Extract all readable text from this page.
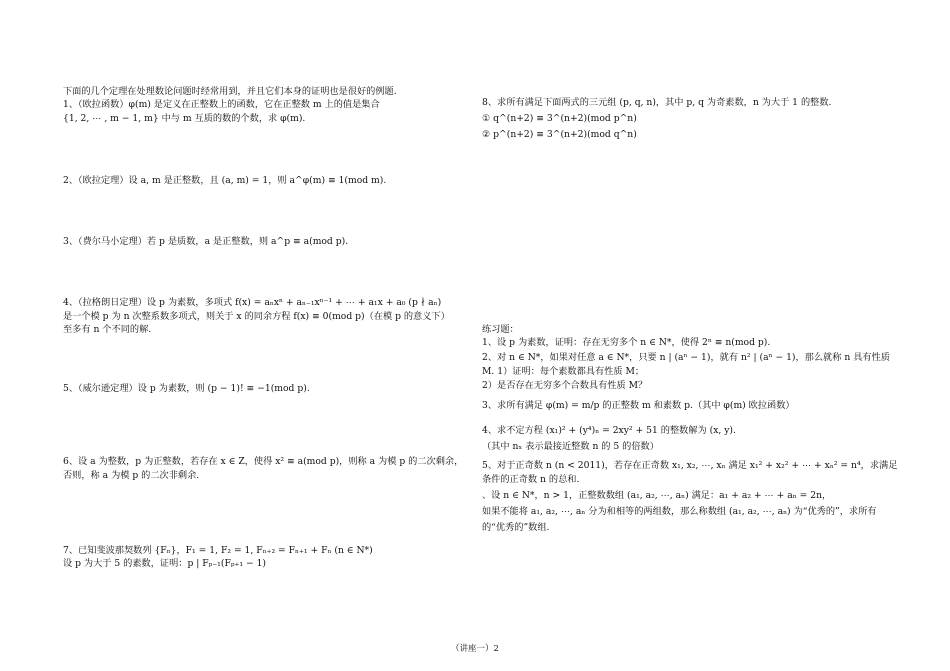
下面的几个定理在处理数论问题时经常用到，并且它们本身的证明也是很好的例题.
1、（欧拉函数）φ(m) 是定义在正整数上的函数，它在正整数 m 上的值是集合
{1, 2, ⋯ , m − 1, m} 中与 m 互质的数的个数，求 φ(m).
2、（欧拉定理）设 a, m 是正整数，且 (a, m) = 1，则 a^φ(m) ≡ 1(mod m).
3、（费尔马小定理）若 p 是质数，a 是正整数，则 a^p ≡ a(mod p).
4、（拉格朗日定理）设 p 为素数，多项式 f(x) = aₙxⁿ + aₙ₋₁xⁿ⁻¹ + ⋯ + a₁x + a₀ (p ∤ aₙ)
是一个模 p 为 n 次整系数多项式，则关于 x 的同余方程 f(x) ≡ 0(mod p)（在模 p 的意义下）
至多有 n 个不同的解.
5、（威尔逊定理）设 p 为素数，则 (p − 1)! ≡ −1(mod p).
6、设 a 为整数，p 为正整数，若存在 x ∈ Z，使得 x² ≡ a(mod p)，则称 a 为模 p 的二次剩余，
否则，称 a 为模 p 的二次非剩余.
7、已知斐波那契数列 {Fₙ}，F₁ = 1, F₂ = 1, Fₙ₊₂ = Fₙ₊₁ + Fₙ (n ∈ N*)
设 p 为大于 5 的素数，证明：p | Fₚ₋₁(Fₚ₊₁ − 1)
8、求所有满足下面两式的三元组 (p, q, n)，其中 p, q 为奇素数，n 为大于 1 的整数.
① q^(n+2) ≡ 3^(n+2)(mod p^n)
② p^(n+2) ≡ 3^(n+2)(mod q^n)
练习题：
1、设 p 为素数，证明：存在无穷多个 n ∈ N*，使得 2ⁿ ≡ n(mod p).
2、对 n ∈ N*，如果对任意 a ∈ N*，只要 n | (aⁿ − 1)，就有 n² | (aⁿ − 1)，那么就称 n 具有性质
M. 1）证明：每个素数都具有性质 M；
2）是否存在无穷多个合数具有性质 M？
3、求所有满足 φ(m) = m/p 的正整数 m 和素数 p.（其中 φ(m) 欧拉函数）
4、求不定方程 (x₁)² + (y⁴)ₙ = 2xy² + 51 的整数解为 (x, y).
（其中 nₓ 表示最接近整数 n 的 5 的倍数）
5、对于正奇数 n (n < 2011)，若存在正奇数 x₁, x₂, ⋯, xₙ 满足 x₁² + x₂² + ⋯ + xₙ² = n⁴，求满足
条件的正奇数 n 的总和.
、设 n ∈ N*，n > 1，正整数数组 (a₁, a₂, ⋯, aₙ) 满足：a₁ + a₂ + ⋯ + aₙ = 2n，
如果不能将 a₁, a₂, ⋯, aₙ 分为和相等的两组数，那么称数组 (a₁, a₂, ⋯, aₙ) 为“优秀的”，求所有
的“优秀的”数组.
（讲座一）2
